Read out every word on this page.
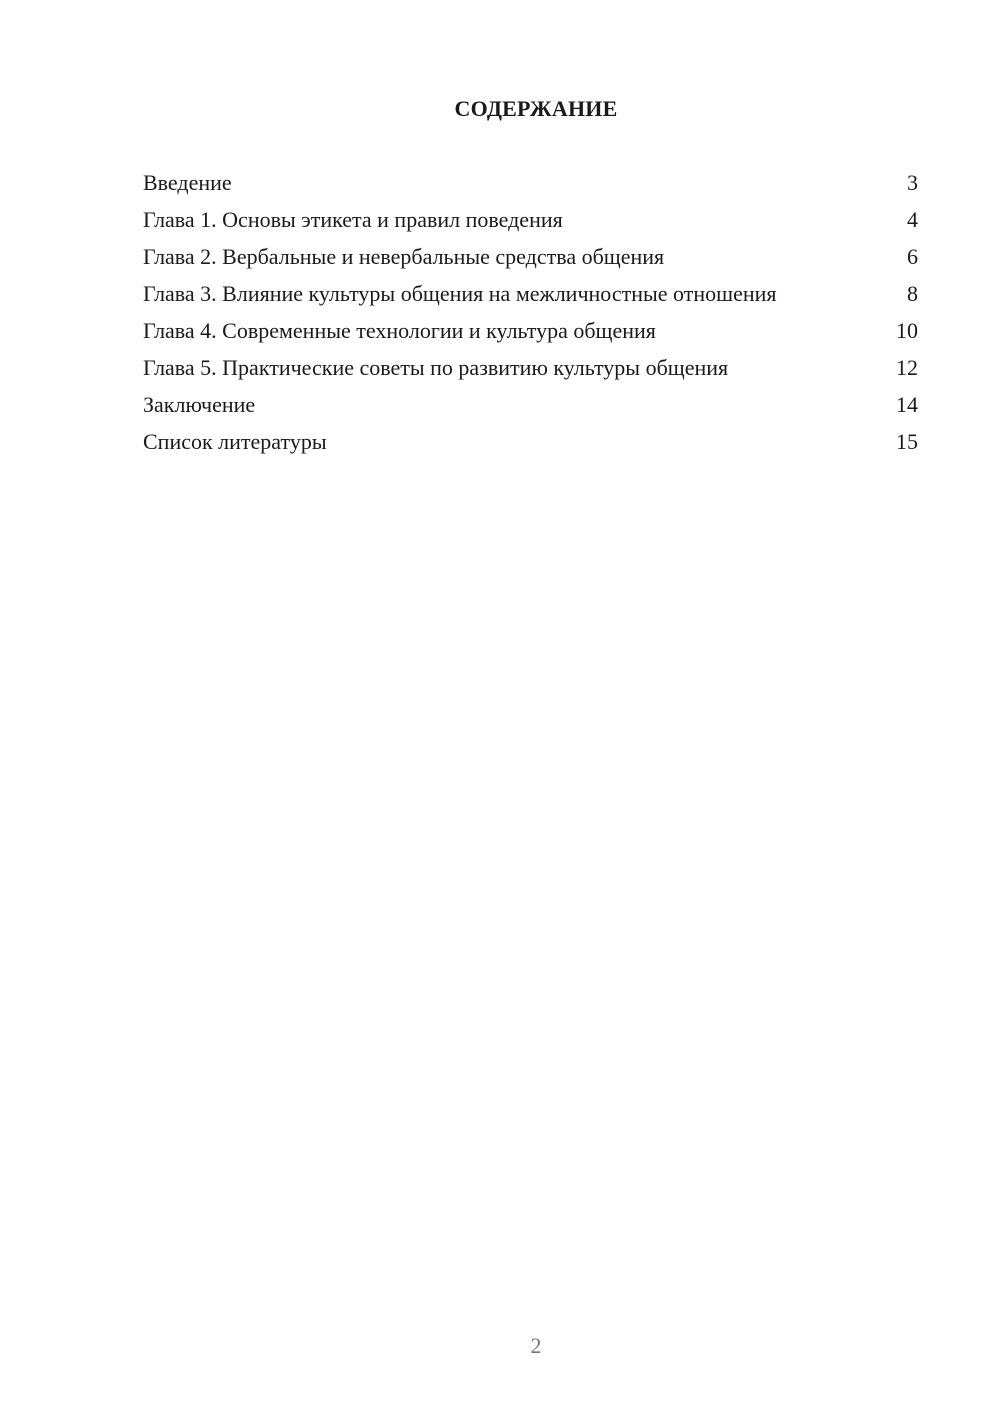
СОДЕРЖАНИЕ
Введение	3
Глава 1. Основы этикета и правил поведения	4
Глава 2. Вербальные и невербальные средства общения	6
Глава 3. Влияние культуры общения на межличностные отношения	8
Глава 4. Современные технологии и культура общения	10
Глава 5. Практические советы по развитию культуры общения	12
Заключение	14
Список литературы	15
2
